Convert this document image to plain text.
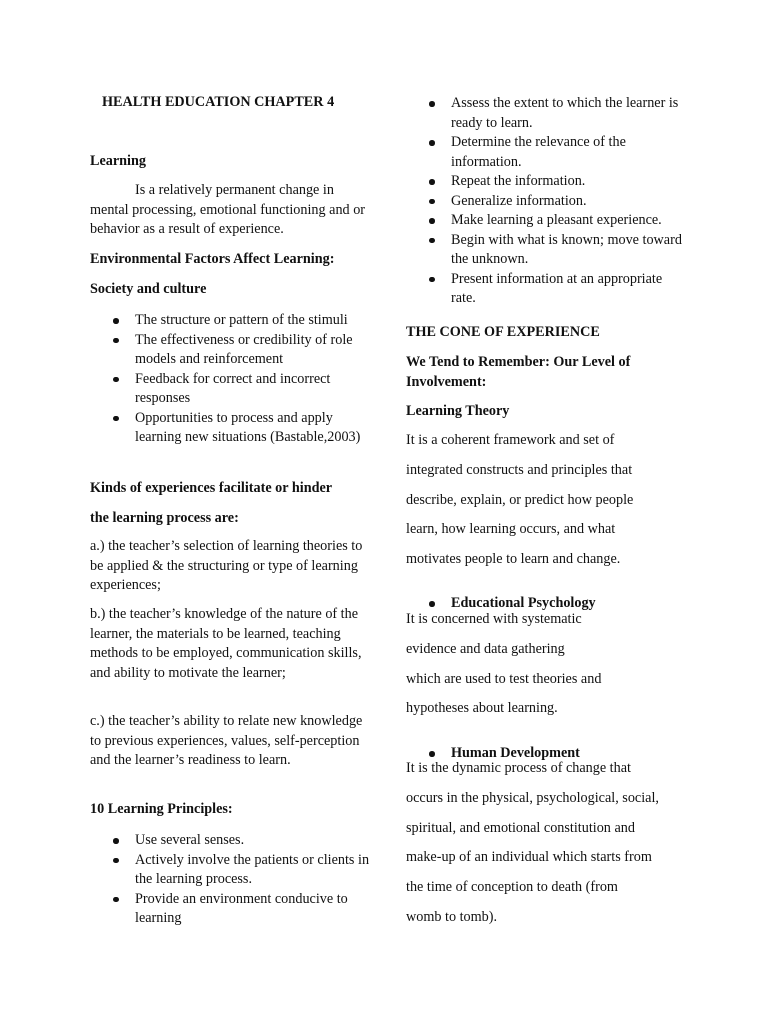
HEALTH EDUCATION CHAPTER 4

Learning

Is a relatively permanent change in mental processing, emotional functioning and or behavior as a result of experience.

Environmental Factors Affect Learning:

Society and culture

The structure or pattern of the stimuli
The effectiveness or credibility of role models and reinforcement
Feedback for correct and incorrect responses
Opportunities to process and apply learning new situations (Bastable,2003)

Kinds of experiences facilitate or hinder

the learning process are:

a.) the teacher’s selection of learning theories to be applied & the structuring or type of learning experiences;

b.) the teacher’s knowledge of the nature of the learner, the materials to be learned, teaching methods to be employed, communication skills, and ability to motivate the learner;

c.) the teacher’s ability to relate new knowledge to previous experiences, values, self-perception and the learner’s readiness to learn.

10 Learning Principles:

Use several senses.
Actively involve the patients or clients in the learning process.
Provide an environment conducive to learning
Assess the extent to which the learner is ready to learn.
Determine the relevance of the information.
Repeat the information.
Generalize information.
Make learning a pleasant experience.
Begin with what is known; move toward the unknown.
Present information at an appropriate rate.

THE CONE OF EXPERIENCE

We Tend to Remember: Our Level of Involvement:

Learning Theory

It is a coherent framework and set of
integrated constructs and principles that
describe, explain, or predict how people
learn, how learning occurs, and what
motivates people to learn and change.

Educational Psychology

It is concerned with systematic
evidence and data gathering
which are used to test theories and
hypotheses about learning.

Human Development

It is the dynamic process of change that
occurs in the physical, psychological, social,
spiritual, and emotional constitution and
make-up of an individual which starts from
the time of conception to death (from
womb to tomb).
